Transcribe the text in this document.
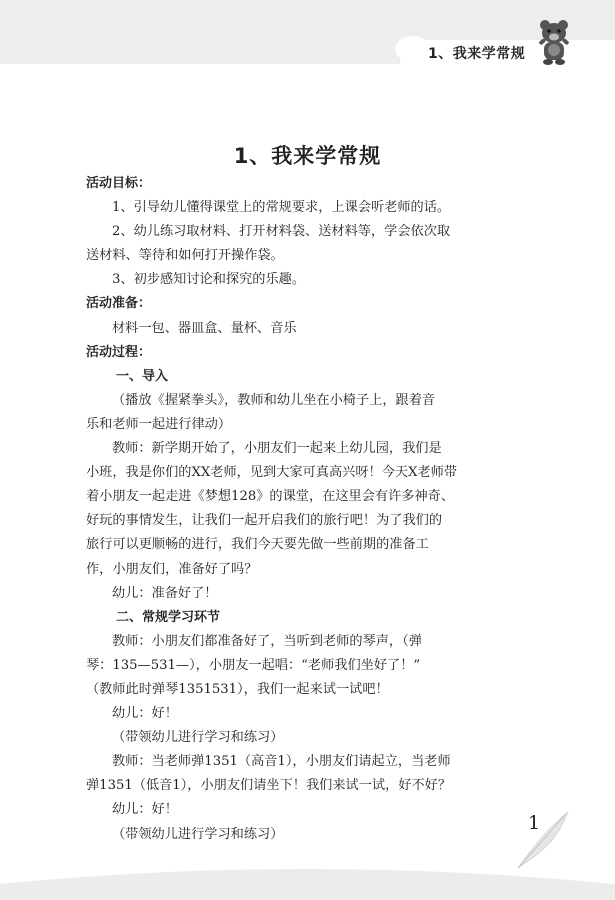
1、我来学常规
1、我来学常规
活动目标：
1、引导幼儿懂得课堂上的常规要求，上课会听老师的话。
2、幼儿练习取材料、打开材料袋、送材料等，学会依次取
送材料、等待和如何打开操作袋。
3、初步感知讨论和探究的乐趣。
活动准备：
材料一包、器皿盒、量杯、音乐
活动过程：
一、导入
（播放《握紧拳头》，教师和幼儿坐在小椅子上，跟着音
乐和老师一起进行律动）
教师：新学期开始了，小朋友们一起来上幼儿园，我们是
小班，我是你们的XX老师，见到大家可真高兴呀！今天X老师带
着小朋友一起走进《梦想128》的课堂，在这里会有许多神奇、
好玩的事情发生，让我们一起开启我们的旅行吧！为了我们的
旅行可以更顺畅的进行，我们今天要先做一些前期的准备工
作，小朋友们，准备好了吗？
幼儿：准备好了！
二、常规学习环节
教师：小朋友们都准备好了，当听到老师的琴声，（弹
琴：135—531—），小朋友一起唱：“老师我们坐好了！”
（教师此时弹琴1351531），我们一起来试一试吧！
幼儿：好！
（带领幼儿进行学习和练习）
教师：当老师弹1351（高音1），小朋友们请起立，当老师
弹1351（低音1），小朋友们请坐下！我们来试一试，好不好？
幼儿：好！
（带领幼儿进行学习和练习）
1
